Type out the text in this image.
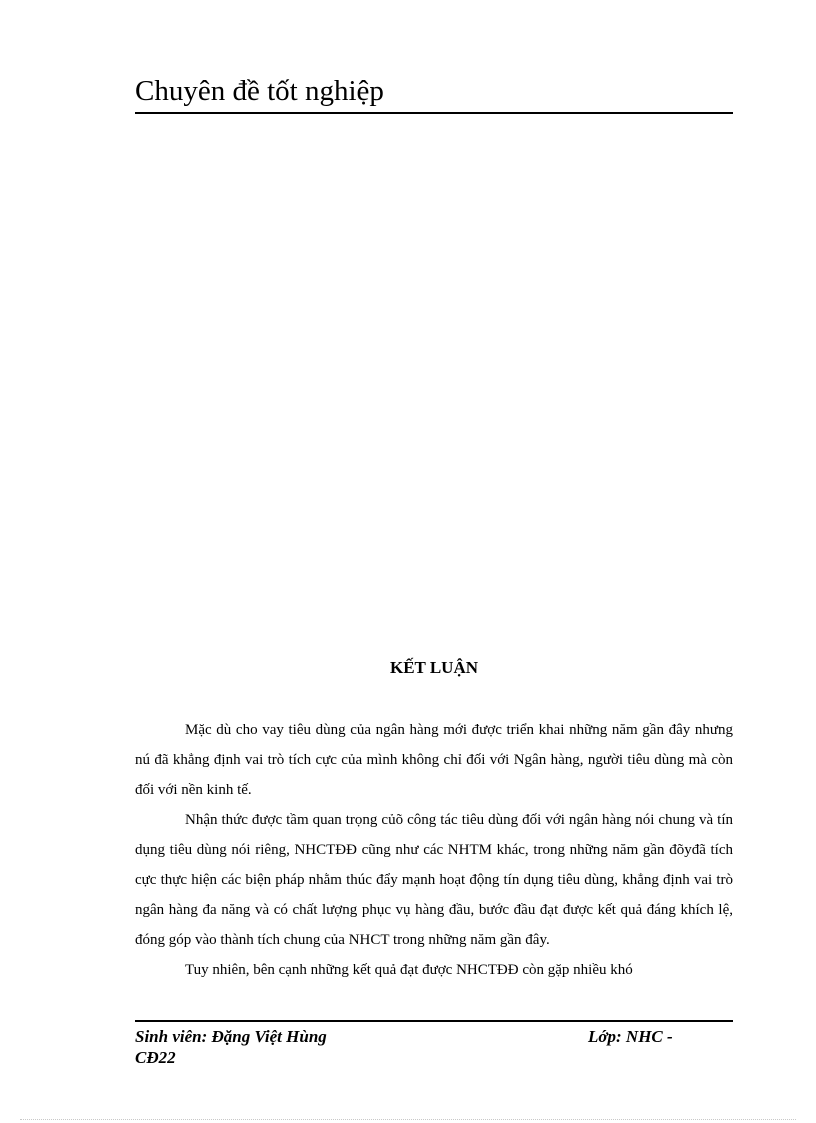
Chuyên đề tốt nghiệp
KẾT LUẬN

Mặc dù cho vay tiêu dùng của ngân hàng mới được triển khai những năm gần đây nhưng nú đã khẳng định vai trò tích cực của mình không chỉ đối với Ngân hàng, người tiêu dùng mà còn đối với nền kinh tế.

Nhận thức được tầm quan trọng củõ công tác tiêu dùng đối với ngân hàng nói chung và tín dụng tiêu dùng nói riêng, NHCTĐĐ cũng như các NHTM khác, trong những năm gần đõyđã tích cực thực hiện các biện pháp nhằm thúc đẩy mạnh hoạt động tín dụng tiêu dùng, khẳng định vai trò ngân hàng đa năng và có chất lượng phục vụ hàng đầu, bước đầu đạt được kết quả đáng khích lệ, đóng góp vào thành tích chung của NHCT trong những năm gần đây.

Tuy nhiên, bên cạnh những kết quả đạt được NHCTĐĐ còn gặp nhiều khó

Sinh viên: Đặng Việt Hùng	Lớp: NHC -
CĐ22
